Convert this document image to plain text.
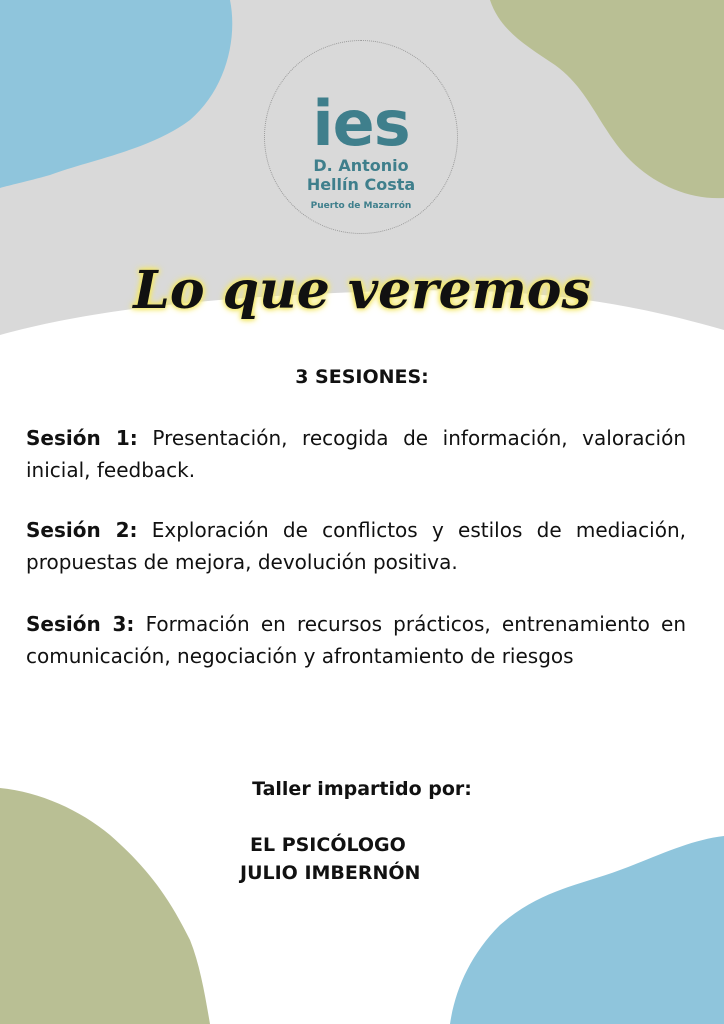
ies
D. Antonio
Hellín Costa
Puerto de Mazarrón
Lo que veremos
3 SESIONES:
Sesión 1: Presentación, recogida de información, valoración inicial, feedback.
Sesión 2: Exploración de conflictos y estilos de mediación, propuestas de mejora, devolución positiva.
Sesión 3: Formación en recursos prácticos, entrenamiento en comunicación, negociación y afrontamiento de riesgos
Taller impartido por:
EL PSICÓLOGO
JULIO IMBERNÓN
